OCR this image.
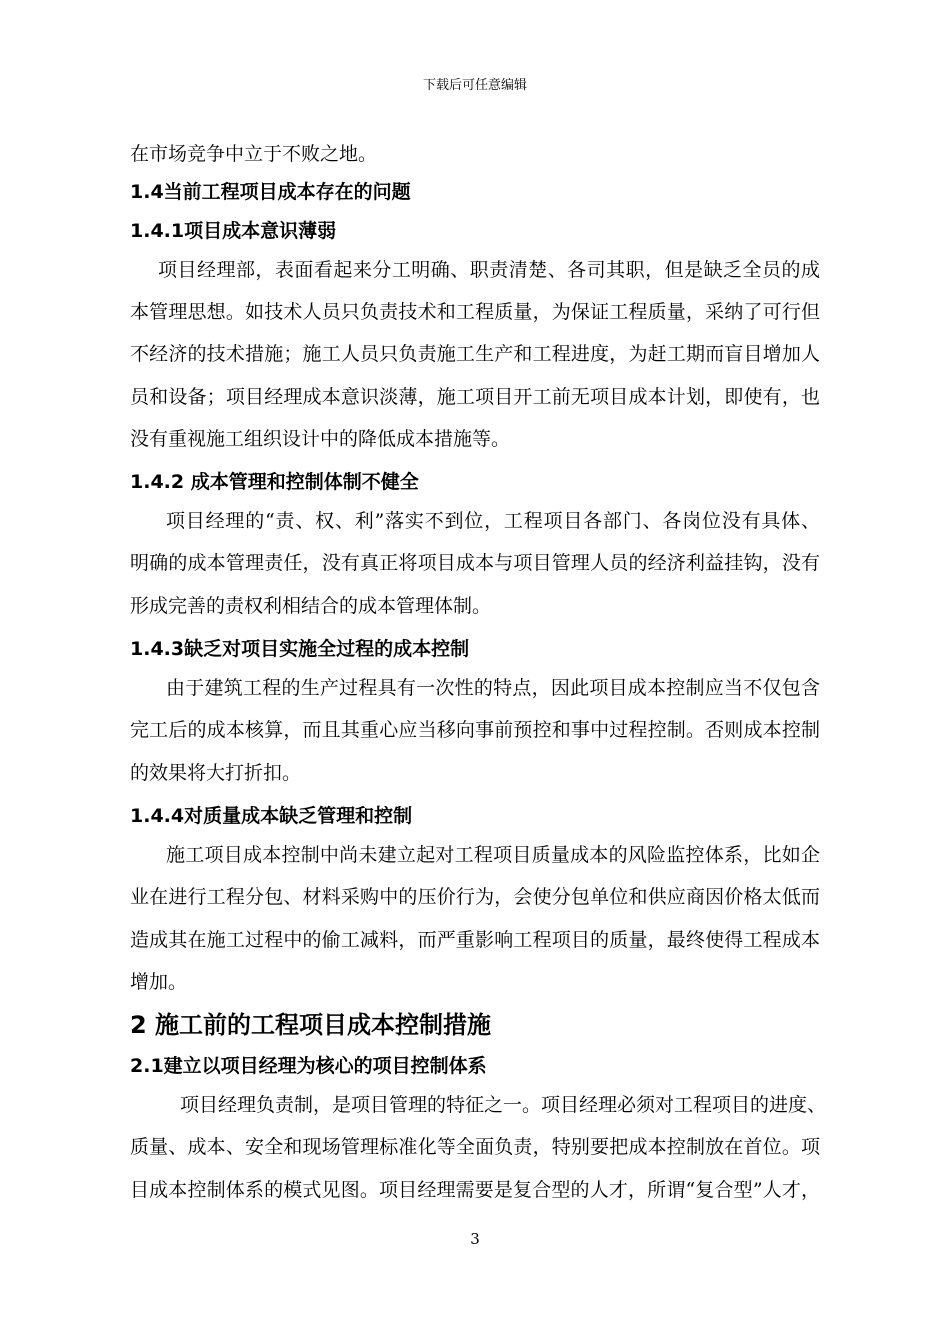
下载后可任意编辑
在市场竞争中立于不败之地。
1.4当前工程项目成本存在的问题
1.4.1项目成本意识薄弱
项目经理部，表面看起来分工明确、职责清楚、各司其职，但是缺乏全员的成
本管理思想。如技术人员只负责技术和工程质量，为保证工程质量，采纳了可行但
不经济的技术措施；施工人员只负责施工生产和工程进度，为赶工期而盲目增加人
员和设备；项目经理成本意识淡薄，施工项目开工前无项目成本计划，即使有，也
没有重视施工组织设计中的降低成本措施等。
1.4.2 成本管理和控制体制不健全
项目经理的“责、权、利”落实不到位，工程项目各部门、各岗位没有具体、
明确的成本管理责任，没有真正将项目成本与项目管理人员的经济利益挂钩，没有
形成完善的责权利相结合的成本管理体制。
1.4.3缺乏对项目实施全过程的成本控制
由于建筑工程的生产过程具有一次性的特点，因此项目成本控制应当不仅包含
完工后的成本核算，而且其重心应当移向事前预控和事中过程控制。否则成本控制
的效果将大打折扣。
1.4.4对质量成本缺乏管理和控制
施工项目成本控制中尚未建立起对工程项目质量成本的风险监控体系，比如企
业在进行工程分包、材料采购中的压价行为，会使分包单位和供应商因价格太低而
造成其在施工过程中的偷工减料，而严重影响工程项目的质量，最终使得工程成本
增加。
2 施工前的工程项目成本控制措施
2.1建立以项目经理为核心的项目控制体系
项目经理负责制，是项目管理的特征之一。项目经理必须对工程项目的进度、
质量、成本、安全和现场管理标准化等全面负责，特别要把成本控制放在首位。项
目成本控制体系的模式见图。项目经理需要是复合型的人才，所谓“复合型”人才，
3
